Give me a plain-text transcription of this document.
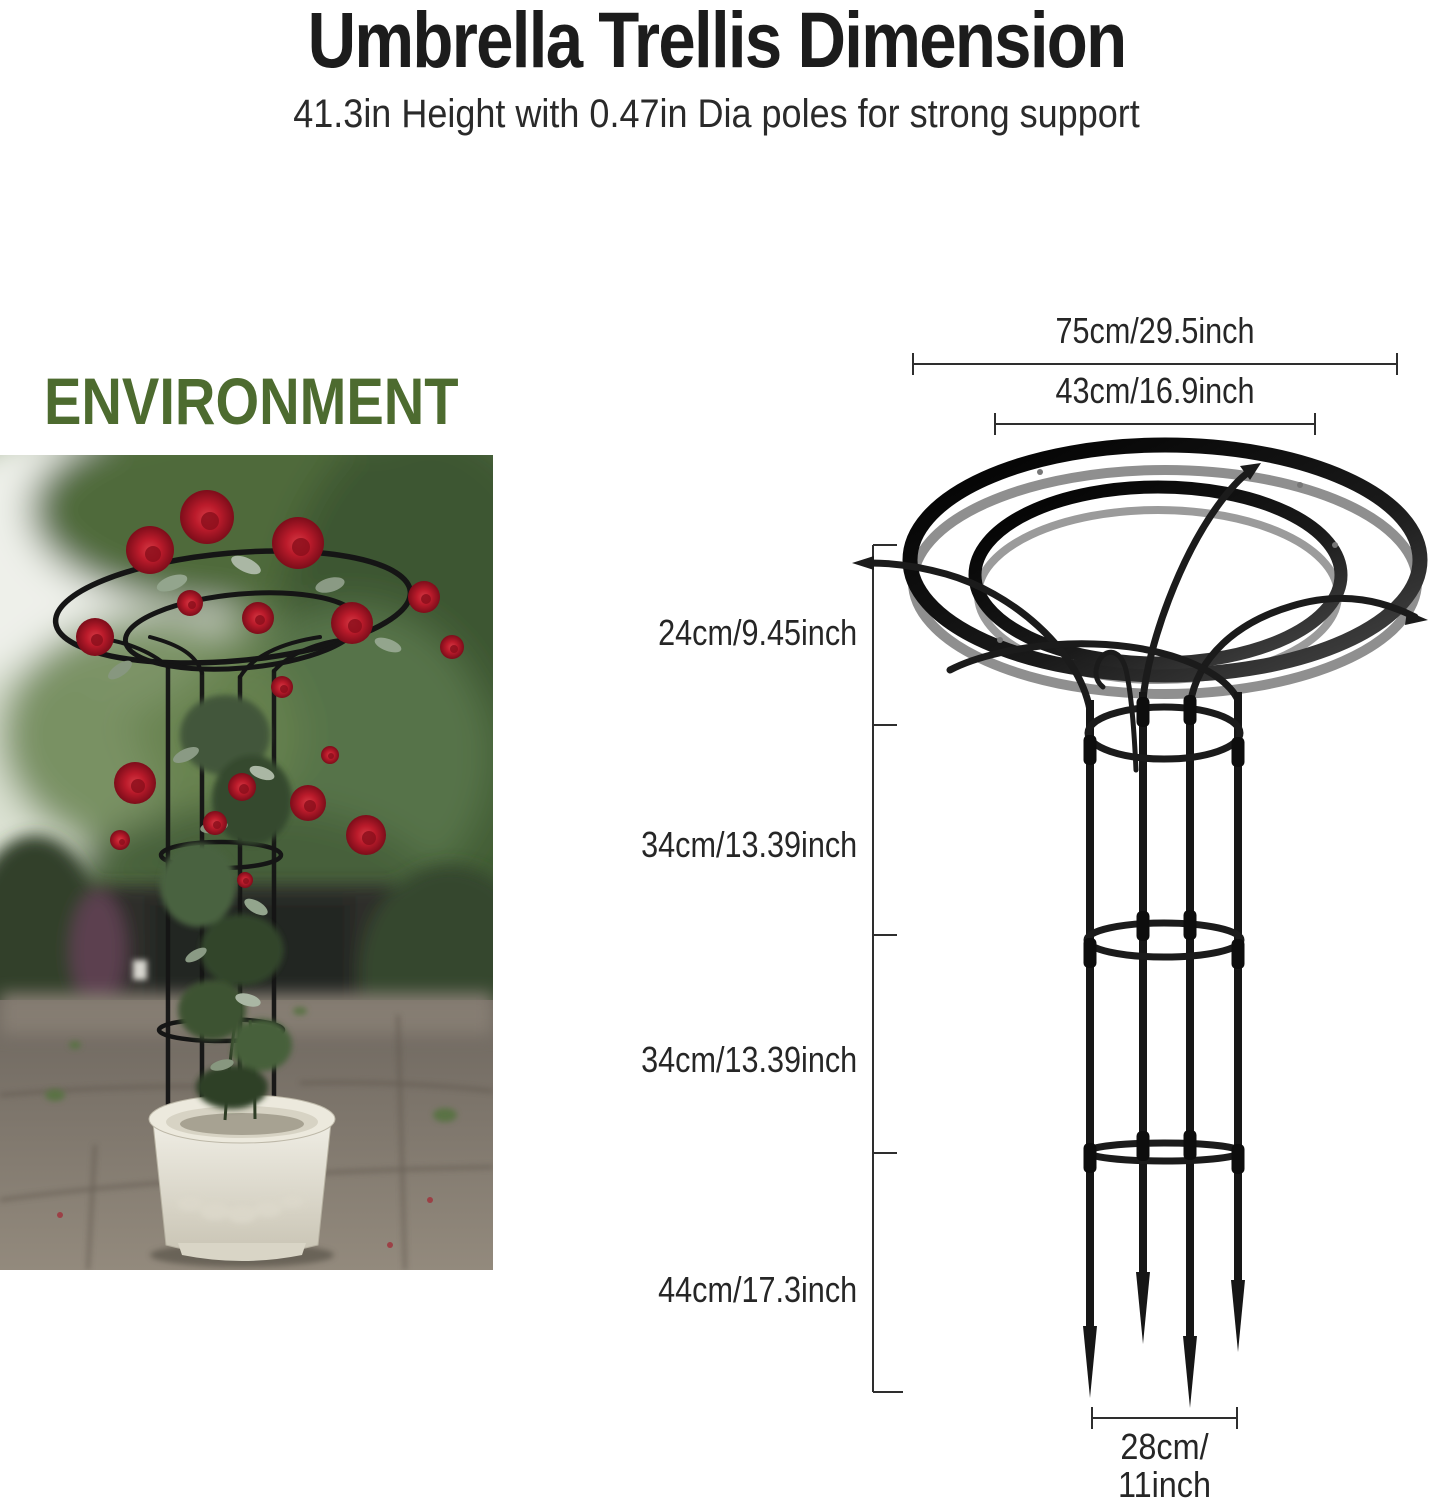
Umbrella Trellis Dimension
41.3in Height with 0.47in Dia poles for strong support
ENVIRONMENT
75cm/29.5inch
43cm/16.9inch
24cm/9.45inch
34cm/13.39inch
34cm/13.39inch
44cm/17.3inch
28cm/
11inch
